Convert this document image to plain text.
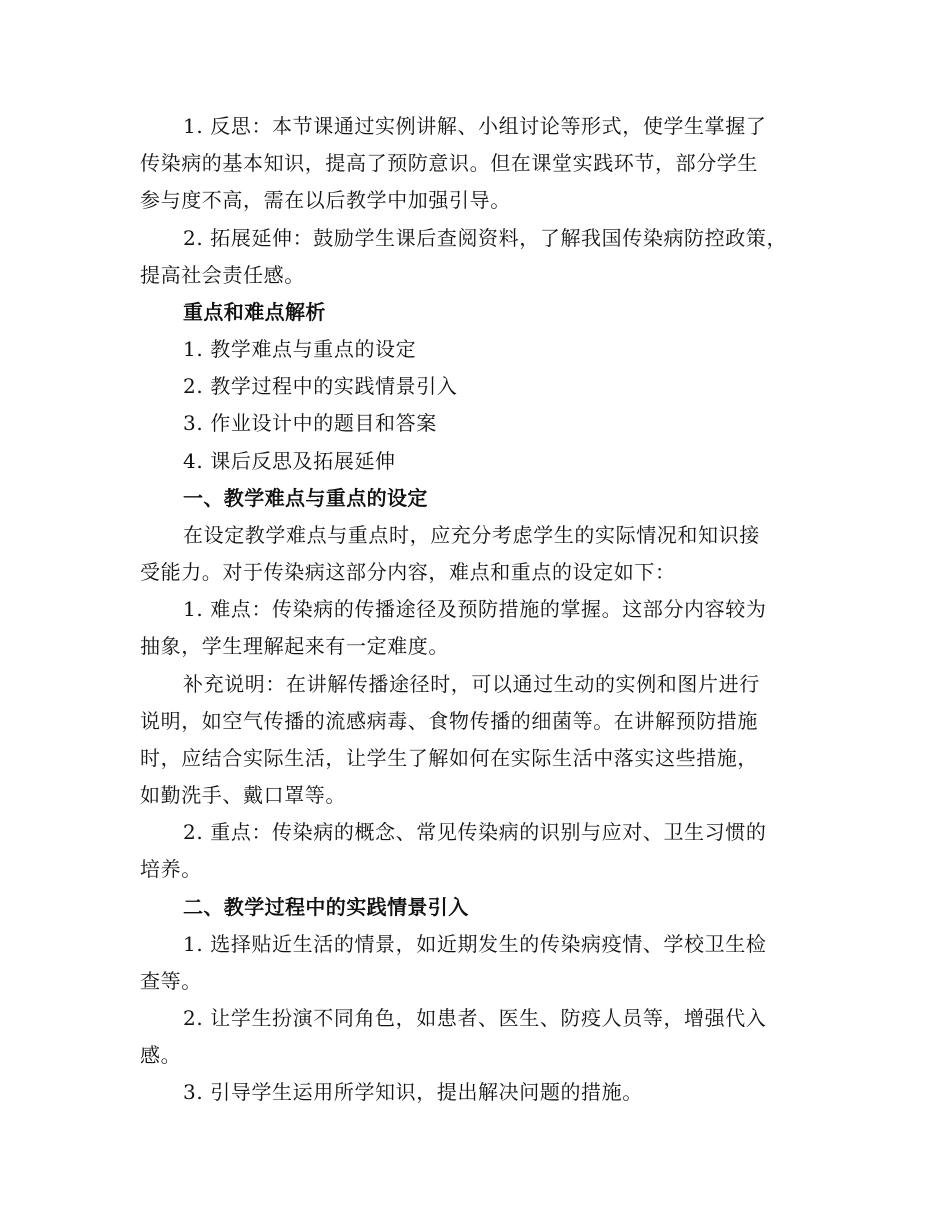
1. 反思：本节课通过实例讲解、小组讨论等形式，使学生掌握了
传染病的基本知识，提高了预防意识。但在课堂实践环节，部分学生
参与度不高，需在以后教学中加强引导。
2. 拓展延伸：鼓励学生课后查阅资料，了解我国传染病防控政策，
提高社会责任感。
重点和难点解析
1. 教学难点与重点的设定
2. 教学过程中的实践情景引入
3. 作业设计中的题目和答案
4. 课后反思及拓展延伸
一、教学难点与重点的设定
在设定教学难点与重点时，应充分考虑学生的实际情况和知识接
受能力。对于传染病这部分内容，难点和重点的设定如下：
1. 难点：传染病的传播途径及预防措施的掌握。这部分内容较为
抽象，学生理解起来有一定难度。
补充说明：在讲解传播途径时，可以通过生动的实例和图片进行
说明，如空气传播的流感病毒、食物传播的细菌等。在讲解预防措施
时，应结合实际生活，让学生了解如何在实际生活中落实这些措施，
如勤洗手、戴口罩等。
2. 重点：传染病的概念、常见传染病的识别与应对、卫生习惯的
培养。
二、教学过程中的实践情景引入
1. 选择贴近生活的情景，如近期发生的传染病疫情、学校卫生检
查等。
2. 让学生扮演不同角色，如患者、医生、防疫人员等，增强代入
感。
3. 引导学生运用所学知识，提出解决问题的措施。
